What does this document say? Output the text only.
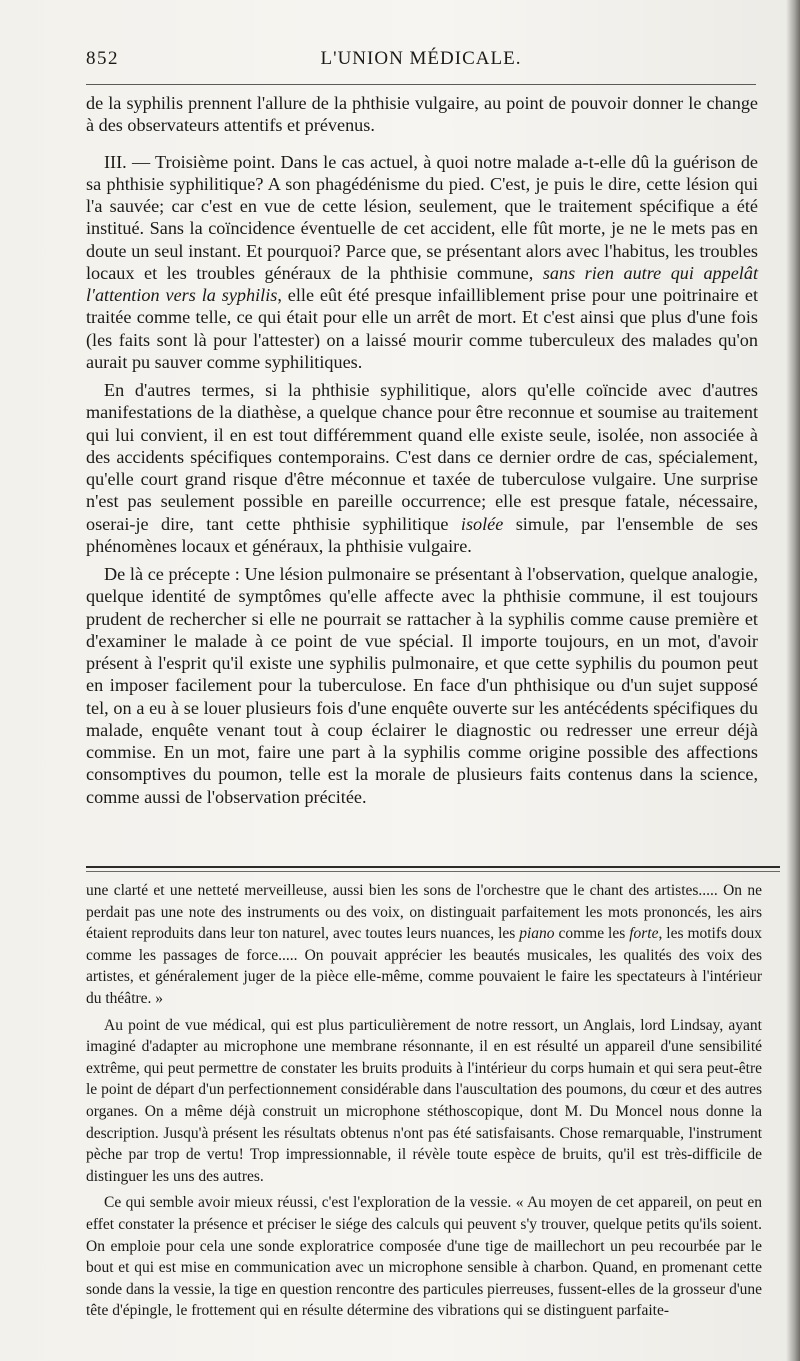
852	L'UNION MÉDICALE.

de la syphilis prennent l'allure de la phthisie vulgaire, au point de pouvoir donner le change à des observateurs attentifs et prévenus.

III. — Troisième point. Dans le cas actuel, à quoi notre malade a-t-elle dû la guérison de sa phthisie syphilitique? A son phagédénisme du pied. C'est, je puis le dire, cette lésion qui l'a sauvée; car c'est en vue de cette lésion, seulement, que le traitement spécifique a été institué. Sans la coïncidence éventuelle de cet accident, elle fût morte, je ne le mets pas en doute un seul instant. Et pourquoi? Parce que, se présentant alors avec l'habitus, les troubles locaux et les troubles généraux de la phthisie commune, sans rien autre qui appelât l'attention vers la syphilis, elle eût été presque infailliblement prise pour une poitrinaire et traitée comme telle, ce qui était pour elle un arrêt de mort. Et c'est ainsi que plus d'une fois (les faits sont là pour l'attester) on a laissé mourir comme tuberculeux des malades qu'on aurait pu sauver comme syphilitiques.

En d'autres termes, si la phthisie syphilitique, alors qu'elle coïncide avec d'autres manifestations de la diathèse, a quelque chance pour être reconnue et soumise au traitement qui lui convient, il en est tout différemment quand elle existe seule, isolée, non associée à des accidents spécifiques contemporains. C'est dans ce dernier ordre de cas, spécialement, qu'elle court grand risque d'être méconnue et taxée de tuberculose vulgaire. Une surprise n'est pas seulement possible en pareille occurrence; elle est presque fatale, nécessaire, oserai-je dire, tant cette phthisie syphilitique isolée simule, par l'ensemble de ses phénomènes locaux et généraux, la phthisie vulgaire.

De là ce précepte : Une lésion pulmonaire se présentant à l'observation, quelque analogie, quelque identité de symptômes qu'elle affecte avec la phthisie commune, il est toujours prudent de rechercher si elle ne pourrait se rattacher à la syphilis comme cause première et d'examiner le malade à ce point de vue spécial. Il importe toujours, en un mot, d'avoir présent à l'esprit qu'il existe une syphilis pulmonaire, et que cette syphilis du poumon peut en imposer facilement pour la tuberculose. En face d'un phthisique ou d'un sujet supposé tel, on a eu à se louer plusieurs fois d'une enquête ouverte sur les antécédents spécifiques du malade, enquête venant tout à coup éclairer le diagnostic ou redresser une erreur déjà commise. En un mot, faire une part à la syphilis comme origine possible des affections consomptives du poumon, telle est la morale de plusieurs faits contenus dans la science, comme aussi de l'observation précitée.

une clarté et une netteté merveilleuse, aussi bien les sons de l'orchestre que le chant des artistes..... On ne perdait pas une note des instruments ou des voix, on distinguait parfaitement les mots prononcés, les airs étaient reproduits dans leur ton naturel, avec toutes leurs nuances, les piano comme les forte, les motifs doux comme les passages de force..... On pouvait apprécier les beautés musicales, les qualités des voix des artistes, et généralement juger de la pièce elle-même, comme pouvaient le faire les spectateurs à l'intérieur du théâtre. »

Au point de vue médical, qui est plus particulièrement de notre ressort, un Anglais, lord Lindsay, ayant imaginé d'adapter au microphone une membrane résonnante, il en est résulté un appareil d'une sensibilité extrême, qui peut permettre de constater les bruits produits à l'intérieur du corps humain et qui sera peut-être le point de départ d'un perfectionnement considérable dans l'auscultation des poumons, du cœur et des autres organes. On a même déjà construit un microphone stéthoscopique, dont M. Du Moncel nous donne la description. Jusqu'à présent les résultats obtenus n'ont pas été satisfaisants. Chose remarquable, l'instrument pèche par trop de vertu! Trop impressionnable, il révèle toute espèce de bruits, qu'il est très-difficile de distinguer les uns des autres.

Ce qui semble avoir mieux réussi, c'est l'exploration de la vessie. « Au moyen de cet appareil, on peut en effet constater la présence et préciser le siége des calculs qui peuvent s'y trouver, quelque petits qu'ils soient. On emploie pour cela une sonde exploratrice composée d'une tige de maillechort un peu recourbée par le bout et qui est mise en communication avec un microphone sensible à charbon. Quand, en promenant cette sonde dans la vessie, la tige en question rencontre des particules pierreuses, fussent-elles de la grosseur d'une tête d'épingle, le frottement qui en résulte détermine des vibrations qui se distinguent parfaite-
